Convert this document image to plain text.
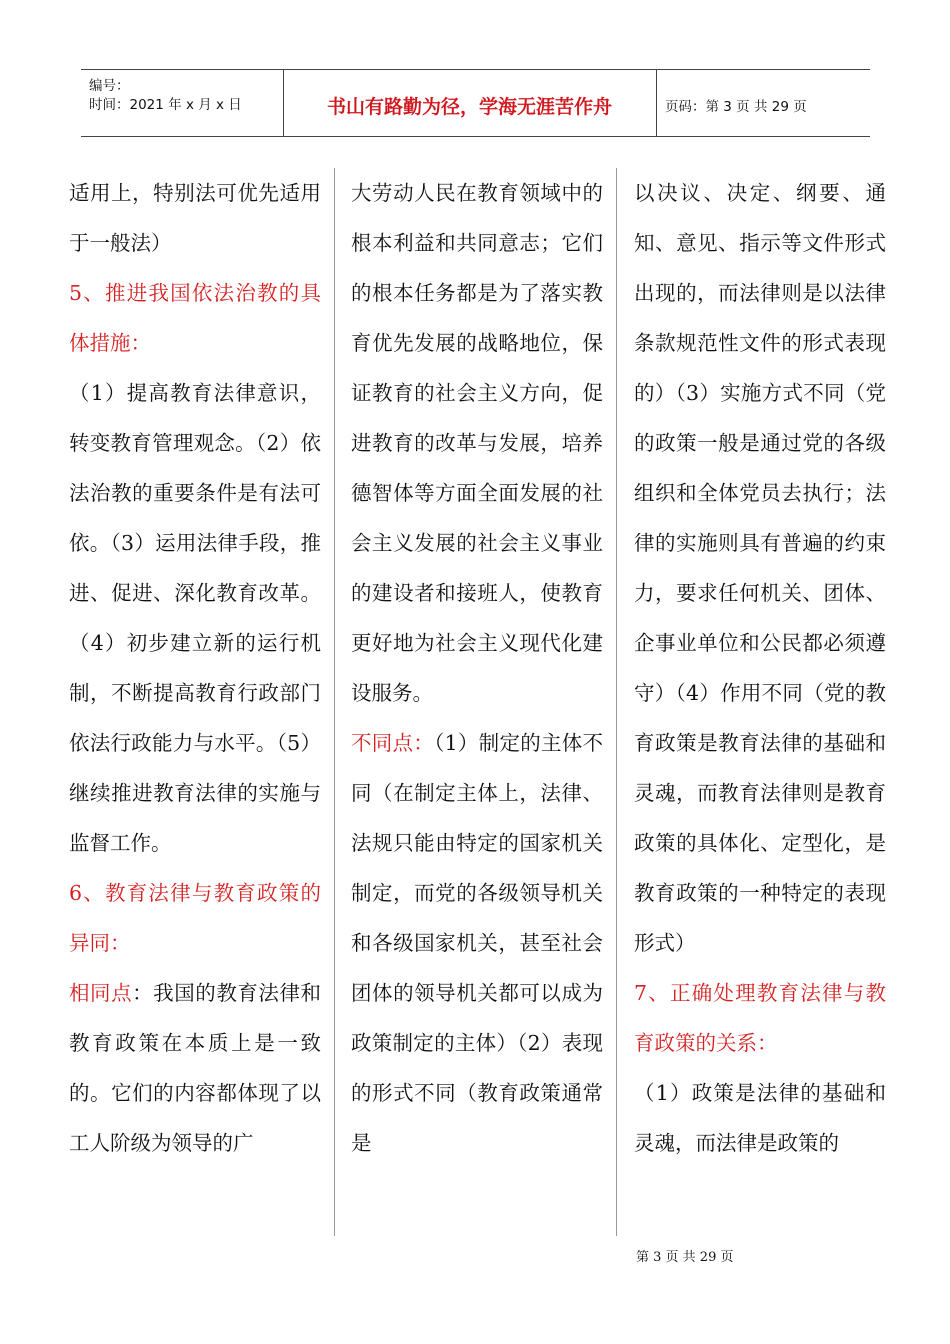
编号：
时间：2021 年 x 月 x 日	书山有路勤为径，学海无涯苦作舟	页码：第 3 页 共 29 页

适用上，特别法可优先适用于一般法）

5、推进我国依法治教的具体措施：

（1）提高教育法律意识，转变教育管理观念。（2）依法治教的重要条件是有法可依。（3）运用法律手段，推进、促进、深化教育改革。（4）初步建立新的运行机制，不断提高教育行政部门依法行政能力与水平。（5）继续推进教育法律的实施与监督工作。

6、教育法律与教育政策的异同：

相同点：我国的教育法律和教育政策在本质上是一致的。它们的内容都体现了以工人阶级为领导的广

大劳动人民在教育领域中的根本利益和共同意志；它们的根本任务都是为了落实教育优先发展的战略地位，保证教育的社会主义方向，促进教育的改革与发展，培养德智体等方面全面发展的社会主义发展的社会主义事业的建设者和接班人，使教育更好地为社会主义现代化建设服务。

不同点：（1）制定的主体不同（在制定主体上，法律、法规只能由特定的国家机关制定，而党的各级领导机关和各级国家机关，甚至社会团体的领导机关都可以成为政策制定的主体）（2）表现的形式不同（教育政策通常是

以决议、决定、纲要、通知、意见、指示等文件形式出现的，而法律则是以法律条款规范性文件的形式表现的）（3）实施方式不同（党的政策一般是通过党的各级组织和全体党员去执行；法律的实施则具有普遍的约束力，要求任何机关、团体、企事业单位和公民都必须遵守）（4）作用不同（党的教育政策是教育法律的基础和灵魂，而教育法律则是教育政策的具体化、定型化，是教育政策的一种特定的表现形式）

7、正确处理教育法律与教育政策的关系：

（1）政策是法律的基础和灵魂，而法律是政策的

第 3 页 共 29 页
